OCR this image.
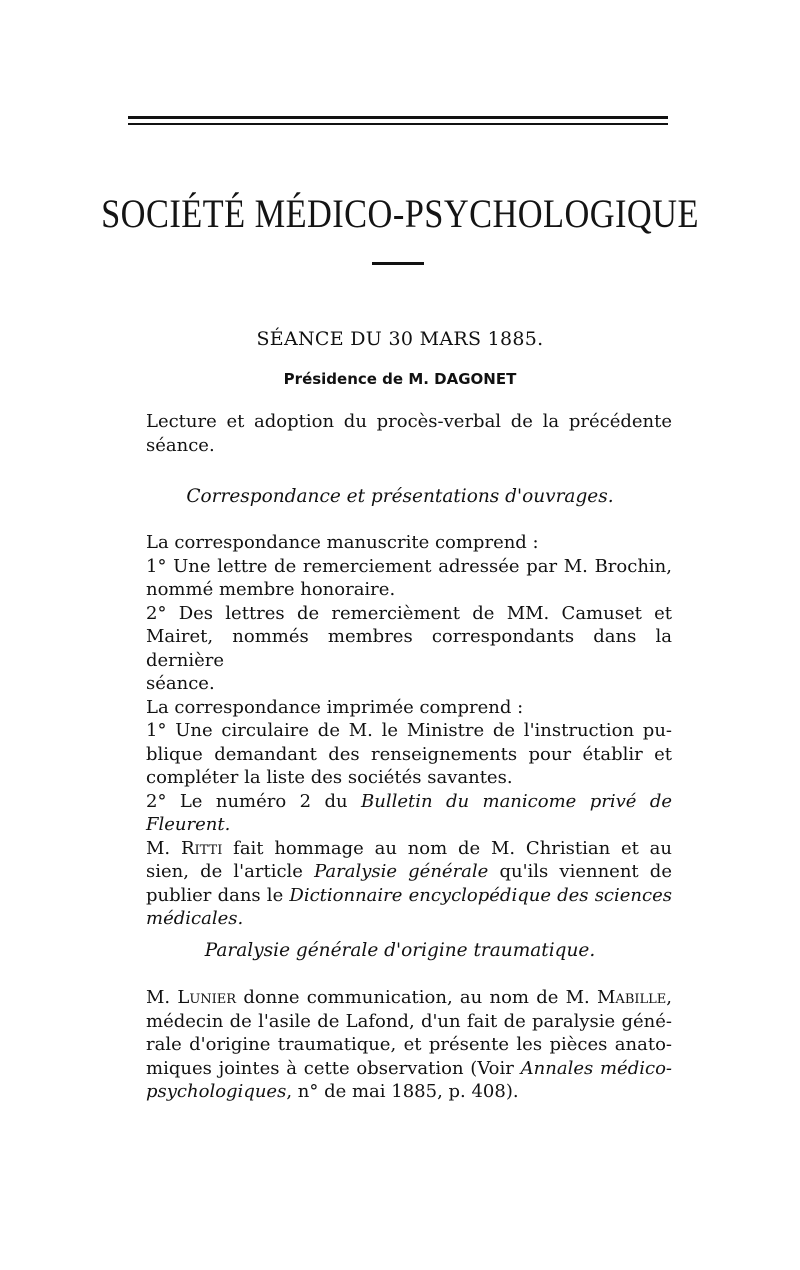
SOCIÉTÉ MÉDICO-PSYCHOLOGIQUE
SÉANCE DU 30 MARS 1885.
Présidence de M. DAGONET

Lecture et adoption du procès-verbal de la précédente

séance.

Correspondance et présentations d'ouvrages.

La correspondance manuscrite comprend :

1° Une lettre de remerciement adressée par M. Brochin,

nommé membre honoraire.

2° Des lettres de remercièment de MM. Camuset et

Mairet, nommés membres correspondants dans la dernière

séance.

La correspondance imprimée comprend :

1° Une circulaire de M. le Ministre de l'instruction pu-

blique demandant des renseignements pour établir et

compléter la liste des sociétés savantes.

2° Le numéro 2 du Bulletin du manicome privé de

Fleurent.

M. Ritti fait hommage au nom de M. Christian et au

sien, de l'article Paralysie générale qu'ils viennent de

publier dans le Dictionnaire encyclopédique des sciences

médicales.

Paralysie générale d'origine traumatique.

M. Lunier donne communication, au nom de M. Mabille,

médecin de l'asile de Lafond, d'un fait de paralysie géné-

rale d'origine traumatique, et présente les pièces anato-

miques jointes à cette observation (Voir Annales médico-

psychologiques, n° de mai 1885, p. 408).
